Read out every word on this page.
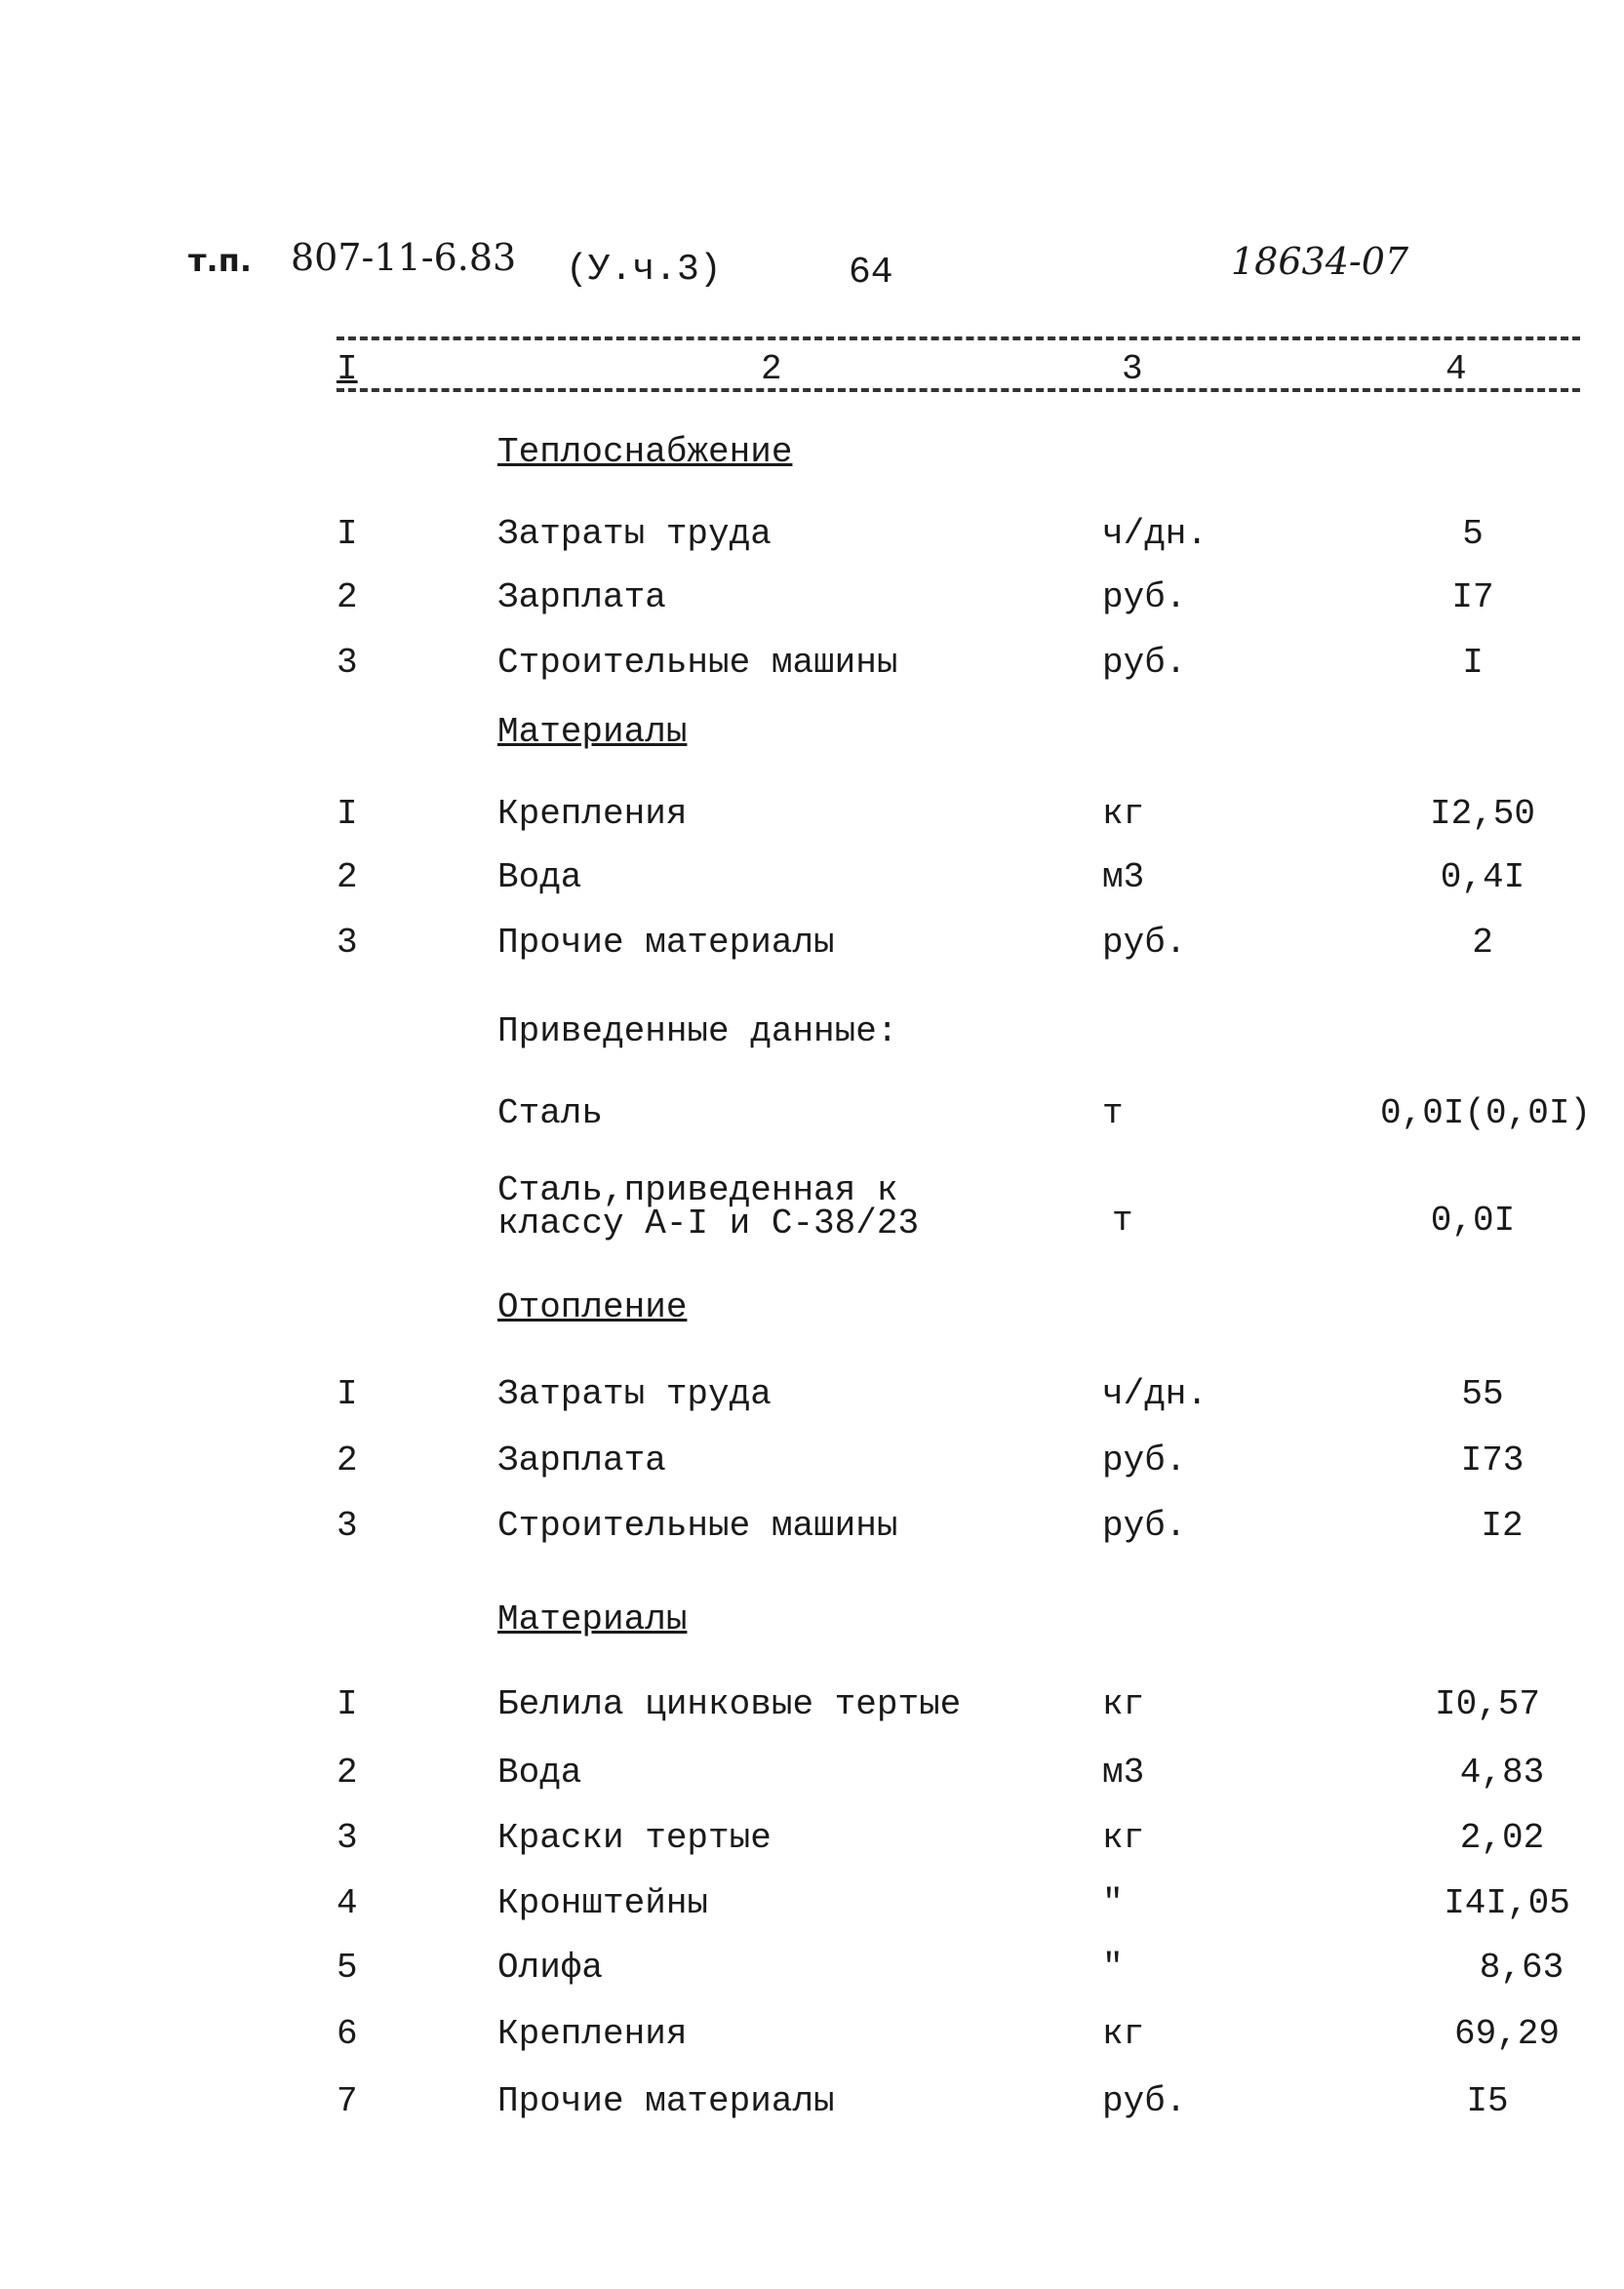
т.п. 807-11-6.83 (У.ч.3)	64	18634-07
I	2	3	4
Теплоснабжение
I	Затраты труда	ч/дн.	5
2	Зарплата	руб.	I7
3	Строительные машины	руб.	I
Материалы
I	Крепления	кг	I2,50
2	Вода	м3	0,4I
3	Прочие материалы	руб.	2
Приведенные данные:
Сталь	т	0,0I(0,0I)
Сталь,приведенная к
классу А-I и С-38/23	т	0,0I
Отопление
I	Затраты труда	ч/дн.	55
2	Зарплата	руб.	I73
3	Строительные машины	руб.	I2
Материалы
I	Белила цинковые тертые	кг	I0,57
2	Вода	м3	4,83
3	Краски тертые	кг	2,02
4	Кронштейны	"	I4I,05
5	Олифа	"	8,63
6	Крепления	кг	69,29
7	Прочие материалы	руб.	I5
